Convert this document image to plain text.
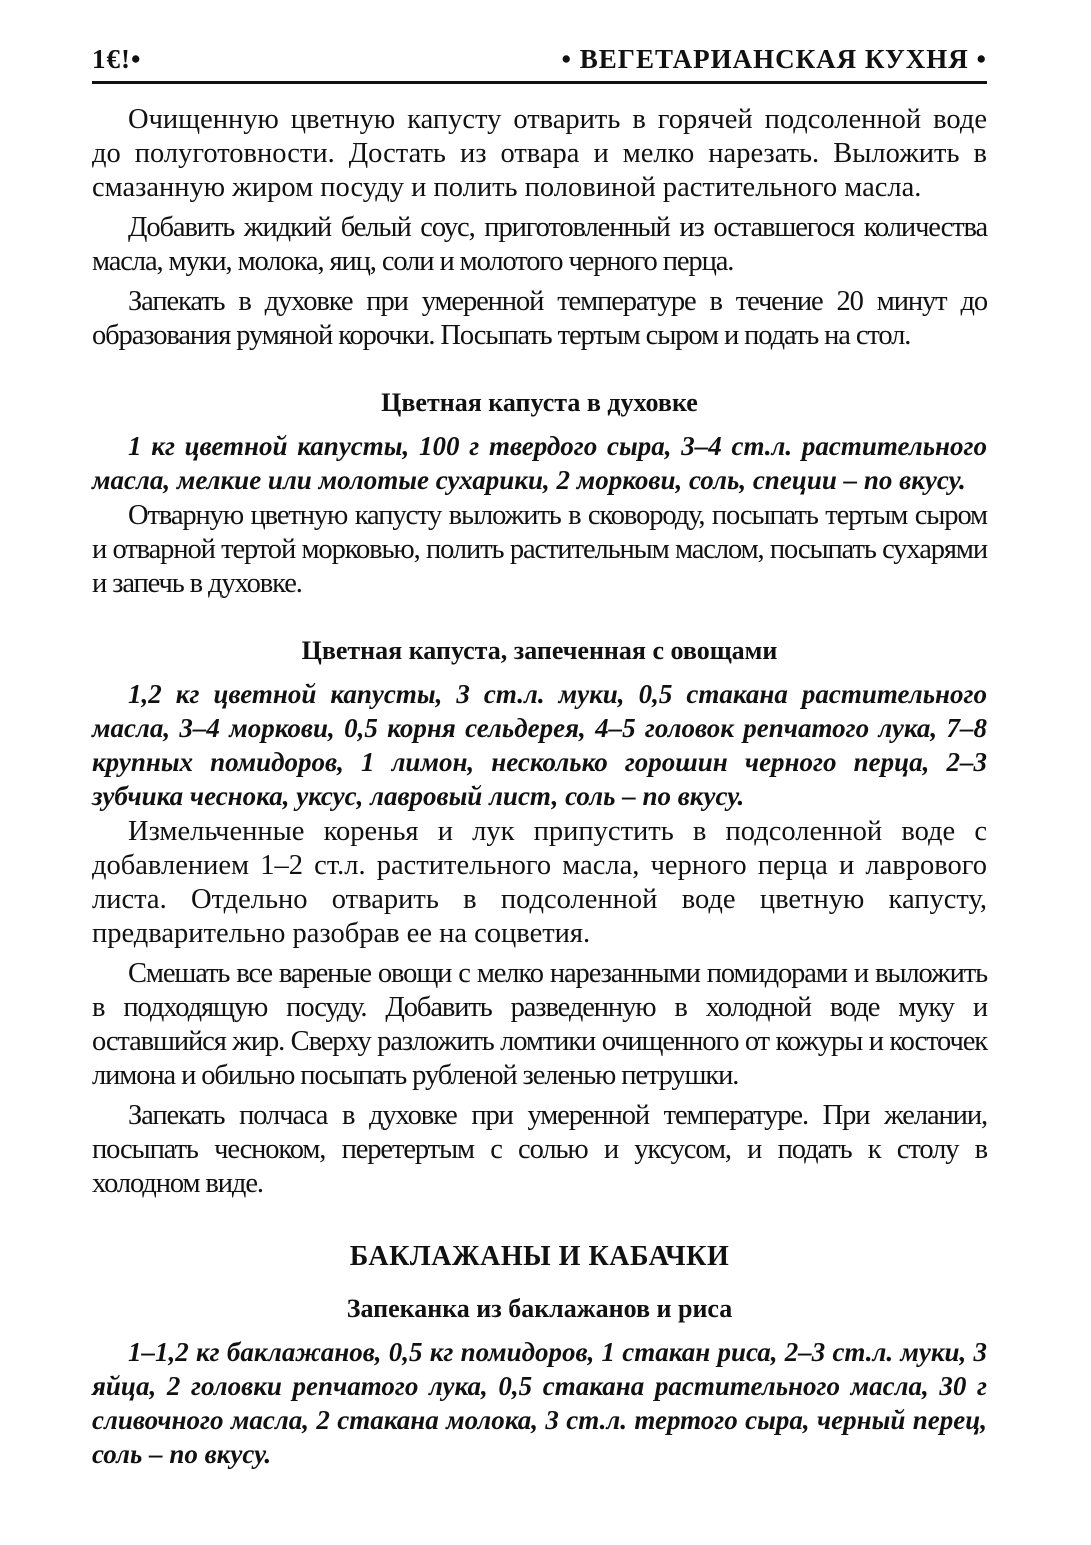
1€!•	• ВЕГЕТАРИАНСКАЯ КУХНЯ •

Очищенную цветную капусту отварить в горячей подсоленной воде до полуготовности. Достать из отвара и мелко нарезать. Выложить в смазанную жиром посуду и полить половиной растительного масла.

Добавить жидкий белый соус, приготовленный из оставшегося количества масла, муки, молока, яиц, соли и молотого черного перца.

Запекать в духовке при умеренной температуре в течение 20 минут до образования румяной корочки. Посыпать тертым сыром и подать на стол.

Цветная капуста в духовке
1 кг цветной капусты, 100 г твердого сыра, 3–4 ст.л. растительного масла, мелкие или молотые сухарики, 2 моркови, соль, специи – по вкусу.

Отварную цветную капусту выложить в сковороду, посыпать тертым сыром и отварной тертой морковью, полить растительным маслом, посыпать сухарями и запечь в духовке.

Цветная капуста, запеченная с овощами
1,2 кг цветной капусты, 3 ст.л. муки, 0,5 стакана растительного масла, 3–4 моркови, 0,5 корня сельдерея, 4–5 головок репчатого лука, 7–8 крупных помидоров, 1 лимон, несколько горошин черного перца, 2–3 зубчика чеснока, уксус, лавровый лист, соль – по вкусу.

Измельченные коренья и лук припустить в подсоленной воде с добавлением 1–2 ст.л. растительного масла, черного перца и лаврового листа. Отдельно отварить в подсоленной воде цветную капусту, предварительно разобрав ее на соцветия.

Смешать все вареные овощи с мелко нарезанными помидорами и выложить в подходящую посуду. Добавить разведенную в холодной воде муку и оставшийся жир. Сверху разложить ломтики очищенного от кожуры и косточек лимона и обильно посыпать рубленой зеленью петрушки.

Запекать полчаса в духовке при умеренной температуре. При желании, посыпать чесноком, перетертым с солью и уксусом, и подать к столу в холодном виде.

БАКЛАЖАНЫ И КАБАЧКИ
Запеканка из баклажанов и риса
1–1,2 кг баклажанов, 0,5 кг помидоров, 1 стакан риса, 2–3 ст.л. муки, 3 яйца, 2 головки репчатого лука, 0,5 стакана растительного масла, 30 г сливочного масла, 2 стакана молока, 3 ст.л. тертого сыра, черный перец, соль – по вкусу.
